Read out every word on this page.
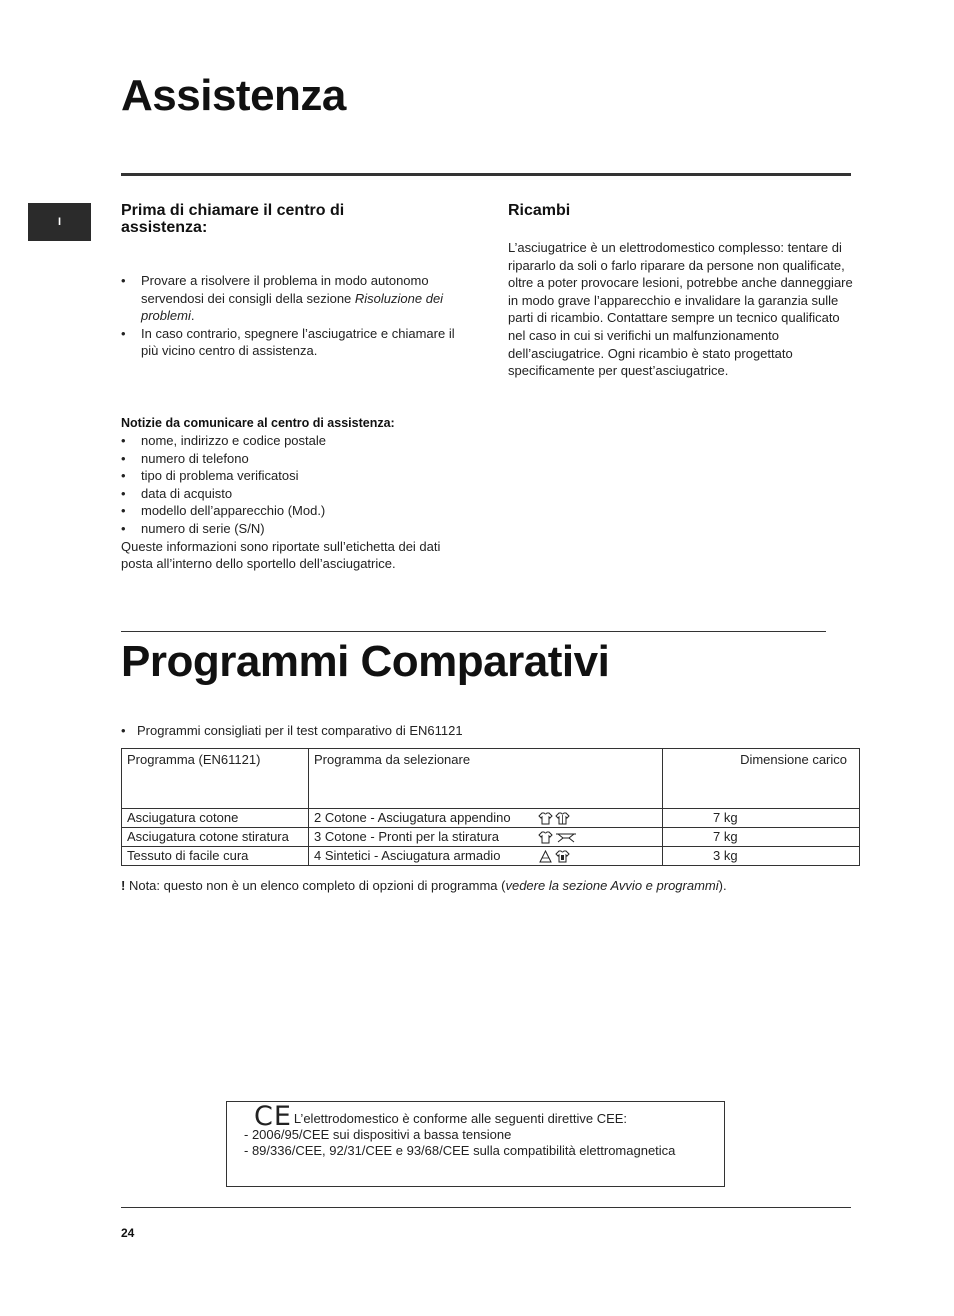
Assistenza
I
Prima di chiamare il centro di assistenza:
• Provare a risolvere il problema in modo autonomo servendosi dei consigli della sezione Risoluzione dei problemi.
• In caso contrario, spegnere l’asciugatrice e chiamare il più vicino centro di assistenza.
Notizie da comunicare al centro di assistenza:
• nome, indirizzo e codice postale
• numero di telefono
• tipo di problema verificatosi
• data di acquisto
• modello dell’apparecchio (Mod.)
• numero di serie (S/N)
Queste informazioni sono riportate sull’etichetta dei dati posta all’interno dello sportello dell’asciugatrice.
Ricambi
L’asciugatrice è un elettrodomestico complesso: tentare di ripararlo da soli o farlo riparare da persone non qualificate, oltre a poter provocare lesioni, potrebbe anche danneggiare in modo grave l’apparecchio e invalidare la garanzia sulle parti di ricambio. Contattare sempre un tecnico qualificato nel caso in cui si verifichi un malfunzionamento dell’asciugatrice. Ogni ricambio è stato progettato specificamente per quest’asciugatrice.
Programmi Comparativi
• Programmi consigliati per il test comparativo di EN61121
Programma (EN61121)	Programma da selezionare	Dimensione carico
Asciugatura cotone	2 Cotone - Asciugatura appendino	7 kg
Asciugatura cotone stiratura	3 Cotone - Pronti per la stiratura	7 kg
Tessuto di facile cura	4 Sintetici - Asciugatura armadio	3 kg
! Nota: questo non è un elenco completo di opzioni di programma (vedere la sezione Avvio e programmi).
CE L’elettrodomestico è conforme alle seguenti direttive CEE:
- 2006/95/CEE sui dispositivi a bassa tensione
- 89/336/CEE, 92/31/CEE e 93/68/CEE sulla compatibilità elettromagnetica
24
